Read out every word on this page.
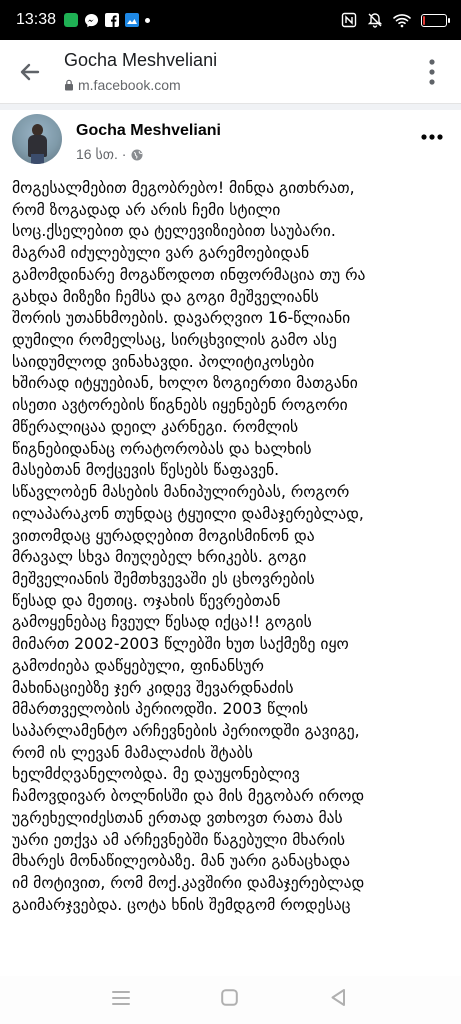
13:38
Gocha Meshveliani
m.facebook.com
Gocha Meshveliani
16 სთ. ·
მოგესალმებით მეგობრებო! მინდა გითხრათ,
რომ ზოგადად არ არის ჩემი სტილი
სოც.ქსელებით და ტელევიზიებით საუბარი.
მაგრამ იძულებული ვარ გარემოებიდან
გამომდინარე მოგაწოდოთ ინფორმაცია თუ რა
გახდა მიზეზი ჩემსა და გოგი მეშველიანს
შორის უთანხმოების. დავარღვიო 16-წლიანი
დუმილი რომელსაც, სირცხვილის გამო ასე
საიდუმლოდ ვინახავდი. პოლიტიკოსები
ხშირად იტყუებიან, ხოლო ზოგიერთი მათგანი
ისეთი ავტორების წიგნებს იყენებენ როგორი
მწერალიცაა დეილ კარნეგი. რომლის
წიგნებიდანაც ორატორობას და ხალხის
მასებთან მოქცევის წესებს წაფავენ.
სწავლობენ მასების მანიპულირებას, როგორ
ილაპარაკონ თუნდაც ტყუილი დამაჯერებლად,
ვითომდაც ყურადღებით მოგისმინონ და
მრავალ სხვა მიუღებელ ხრიკებს. გოგი
მეშველიანის შემთხვევაში ეს ცხოვრების
წესად და მეთიც. ოჯახის წევრებთან
გამოყენებაც ჩვეულ წესად იქცა!! გოგის
მიმართ 2002-2003 წლებში ხუთ საქმეზე იყო
გამოძიება დაწყებული, ფინანსურ
მახინაციებზე ჯერ კიდევ შევარდნაძის
მმართველობის პერიოდში. 2003 წლის
საპარლამენტო არჩევნების პერიოდში გავიგე,
რომ ის ლევან მამალაძის შტაბს
ხელმძღვანელობდა. მე დაუყონებლივ
ჩამოვდივარ ბოლნისში და მის მეგობარ იროდ
უგრეხელიძესთან ერთად ვთხოვთ რათა მას
უარი ეთქვა ამ არჩევნებში წაგებული მხარის
მხარეს მონაწილეობაზე. მან უარი განაცხადა
იმ მოტივით, რომ მოქ.კავშირი დამაჯერებლად
გაიმარჯვებდა. ცოტა ხნის შემდგომ როდესაც
